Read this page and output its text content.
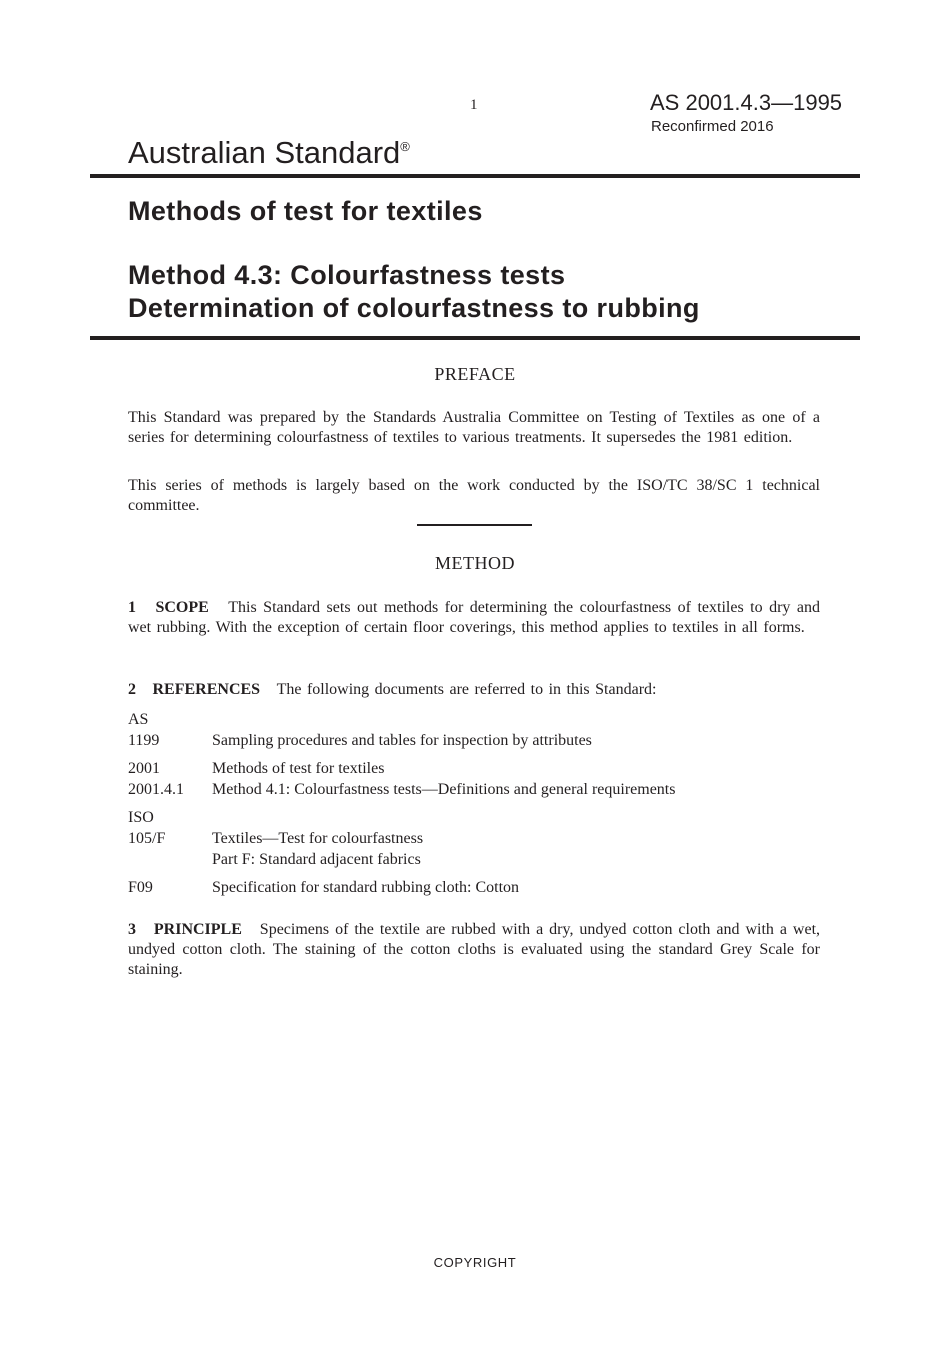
1	AS 2001.4.3—1995
Reconfirmed 2016
Australian Standard®
Methods of test for textiles
Method 4.3: Colourfastness tests
Determination of colourfastness to rubbing
PREFACE
This Standard was prepared by the Standards Australia Committee on Testing of Textiles as one of a series for determining colourfastness of textiles to various treatments. It supersedes the 1981 edition.
This series of methods is largely based on the work conducted by the ISO/TC 38/SC 1 technical committee.
METHOD
1 SCOPE This Standard sets out methods for determining the colourfastness of textiles to dry and wet rubbing. With the exception of certain floor coverings, this method applies to textiles in all forms.
2 REFERENCES The following documents are referred to in this Standard:
AS
1199	Sampling procedures and tables for inspection by attributes
2001	Methods of test for textiles
2001.4.1	Method 4.1: Colourfastness tests—Definitions and general requirements
ISO
105/F	Textiles—Test for colourfastness
Part F: Standard adjacent fabrics
F09	Specification for standard rubbing cloth: Cotton
3 PRINCIPLE Specimens of the textile are rubbed with a dry, undyed cotton cloth and with a wet, undyed cotton cloth. The staining of the cotton cloths is evaluated using the standard Grey Scale for staining.
COPYRIGHT
